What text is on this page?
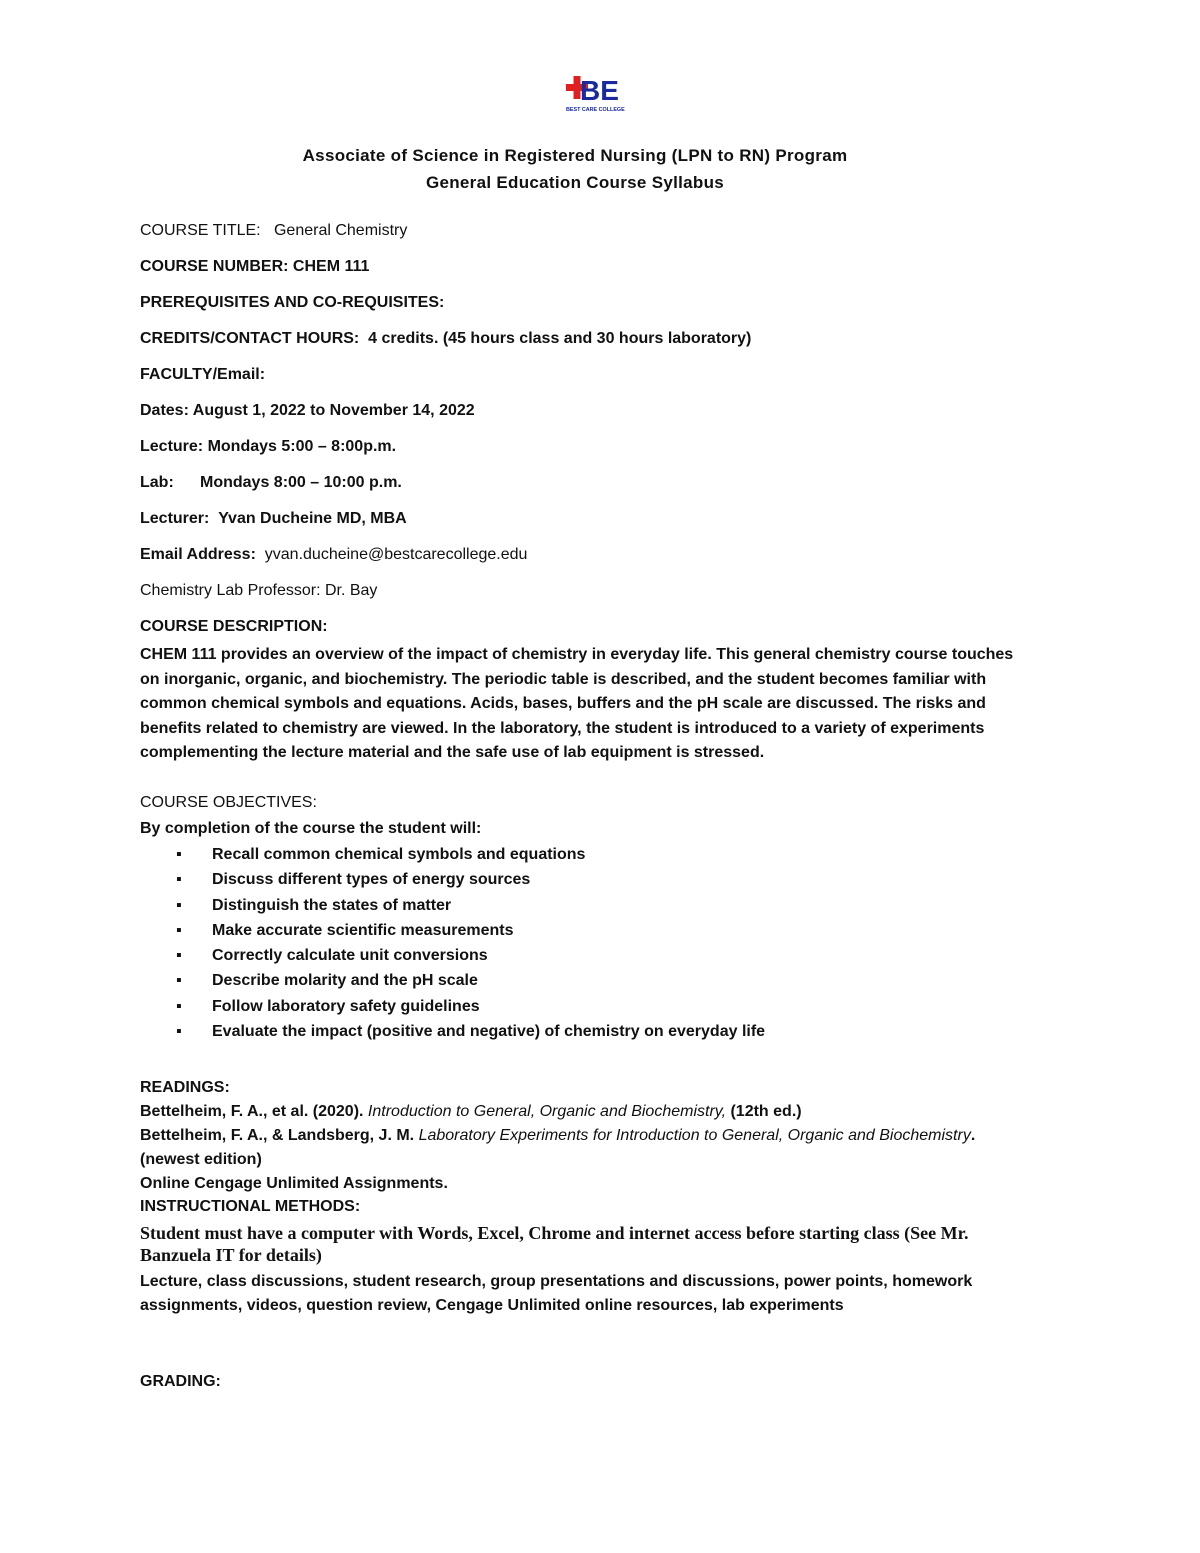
BE
BEST CARE COLLEGE
Associate of Science in Registered Nursing (LPN to RN) Program
General Education Course Syllabus
COURSE TITLE: General Chemistry
COURSE NUMBER: CHEM 111
PREREQUISITES AND CO-REQUISITES:
CREDITS/CONTACT HOURS: 4 credits. (45 hours class and 30 hours laboratory)
FACULTY/Email:
Dates: August 1, 2022 to November 14, 2022
Lecture: Mondays 5:00 – 8:00p.m.
Lab: Mondays 8:00 – 10:00 p.m.
Lecturer: Yvan Ducheine MD, MBA
Email Address: yvan.ducheine@bestcarecollege.edu
Chemistry Lab Professor: Dr. Bay
COURSE DESCRIPTION:
CHEM 111 provides an overview of the impact of chemistry in everyday life. This general chemistry course touches
on inorganic, organic, and biochemistry. The periodic table is described, and the student becomes familiar with
common chemical symbols and equations. Acids, bases, buffers and the pH scale are discussed. The risks and
benefits related to chemistry are viewed. In the laboratory, the student is introduced to a variety of experiments
complementing the lecture material and the safe use of lab equipment is stressed.
COURSE OBJECTIVES:
By completion of the course the student will:
▪ Recall common chemical symbols and equations
▪ Discuss different types of energy sources
▪ Distinguish the states of matter
▪ Make accurate scientific measurements
▪ Correctly calculate unit conversions
▪ Describe molarity and the pH scale
▪ Follow laboratory safety guidelines
▪ Evaluate the impact (positive and negative) of chemistry on everyday life
READINGS:
Bettelheim, F. A., et al. (2020). Introduction to General, Organic and Biochemistry, (12th ed.)
Bettelheim, F. A., & Landsberg, J. M. Laboratory Experiments for Introduction to General, Organic and Biochemistry.
(newest edition)
Online Cengage Unlimited Assignments.
INSTRUCTIONAL METHODS:
Student must have a computer with Words, Excel, Chrome and internet access before starting class (See Mr.
Banzuela IT for details)
Lecture, class discussions, student research, group presentations and discussions, power points, homework
assignments, videos, question review, Cengage Unlimited online resources, lab experiments
GRADING:
